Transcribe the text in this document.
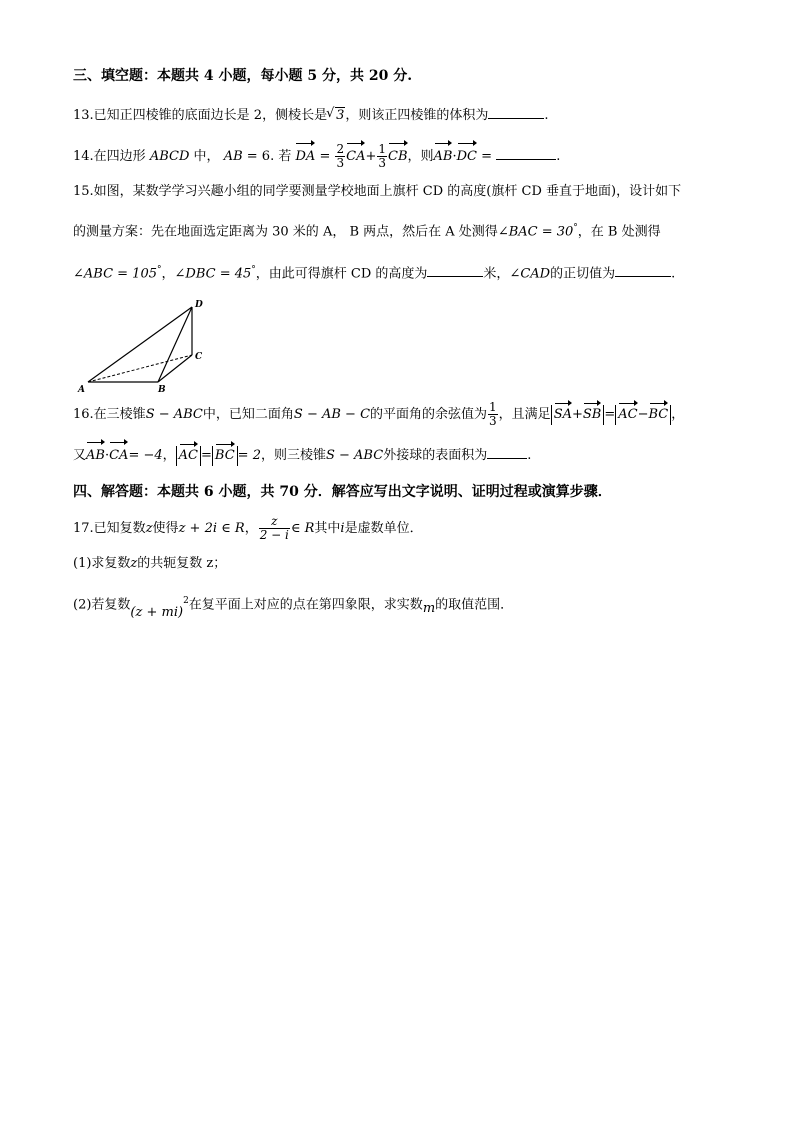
三、填空题：本题共 4 小题，每小题 5 分，共 20 分.
13.已知正四棱锥的底面边长是 2，侧棱长是√ 3，则该正四棱锥的体积为	.
14.在四边形 ABCD 中， AB = 6. 若 DA = $\frac{2}{3} CA+ \frac{1}{3}$ CB，则AB·DC =	.
15.如图，某数学学习兴趣小组的同学要测量学校地面上旗杆 CD 的高度(旗杆 CD 垂直于地面)，设计如下
的测量方案：先在地面选定距离为 30 米的 A， B 两点，然后在 A 处测得∠BAC = 30°，在 B 处测得
∠ABC = 105°，∠DBC = 45°，由此可得旗杆 CD 的高度为	米，∠CAD的正切值为	.
D
C
A	B
16.在三棱锥S − ABC中，已知二面角S − AB − C的平面角的余弦值为 $\frac{1}{3}$ ，且满足 SA+SB = AC−BC ，
又AB·CA= −4， AC = BC = 2，则三棱锥S − ABC外接球的表面积为	.
四、解答题：本题共 6 小题，共 70 分．解答应写出文字说明、证明过程或演算步骤．
17.已知复数z使得z + 2i ∈ R， $\frac{z}{2 - i}$ ∈ R其中i是虚数单位．
(1)求复数z的共轭复数 z；
(2)若复数(z + mi)$^2$在复平面上对应的点在第四象限，求实数m的取值范围．
